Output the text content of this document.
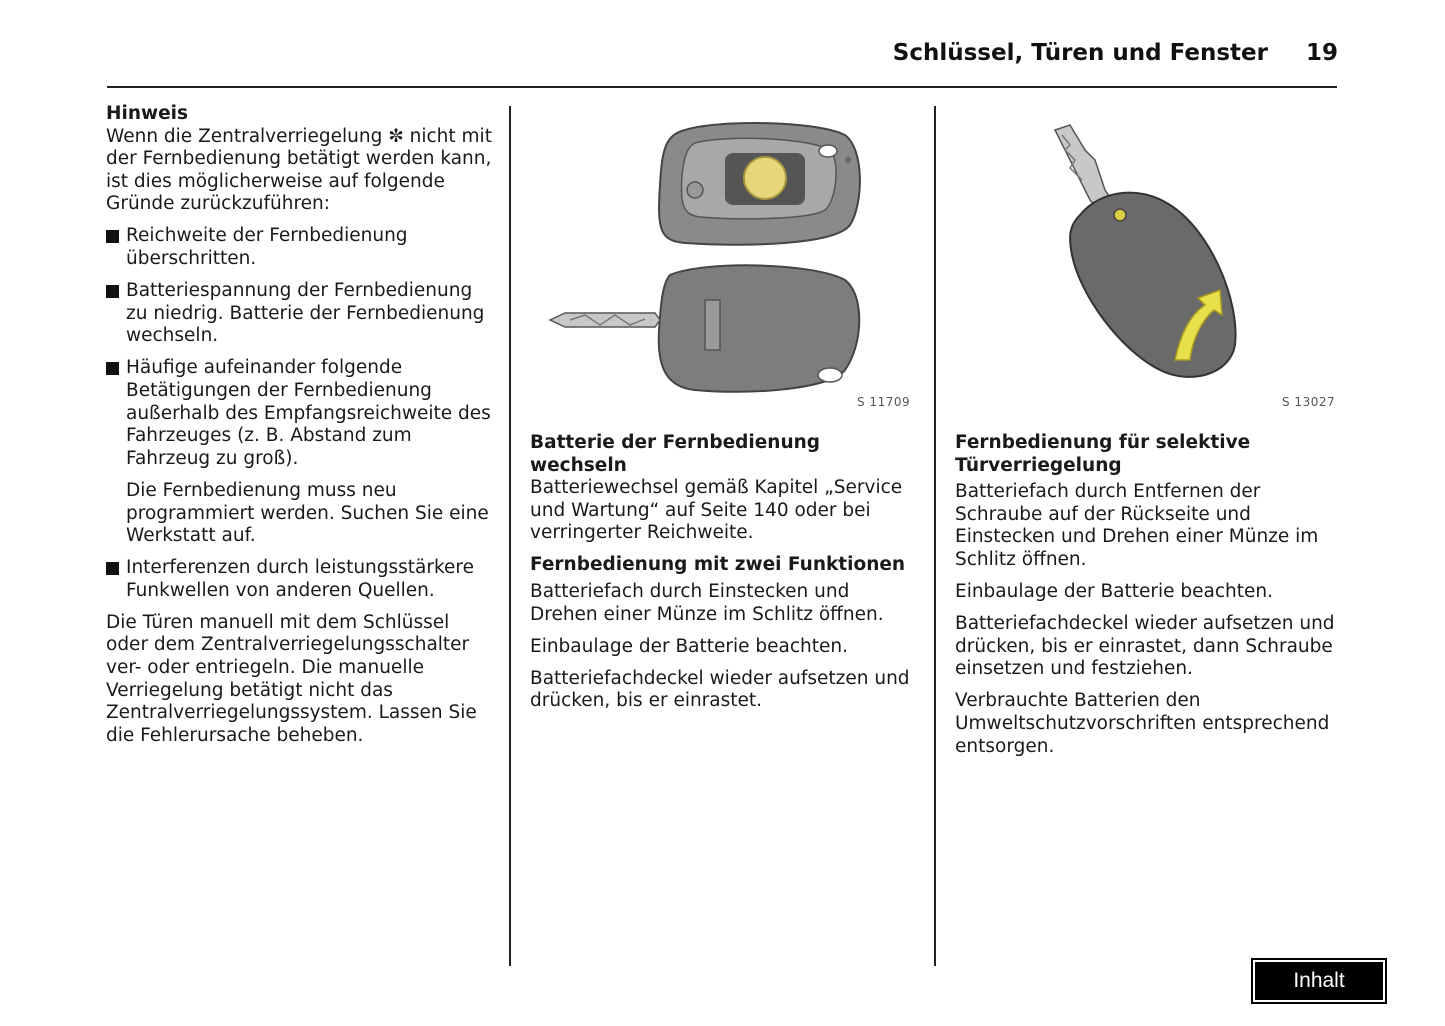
Schlüssel, Türen und Fenster 19

Hinweis

Wenn die Zentralverriegelung ✼ nicht mit der Fernbedienung betätigt werden kann, ist dies möglicherweise auf folgende Gründe zurückzuführen:

Reichweite der Fernbedienung überschritten.
Batteriespannung der Fernbedienung zu niedrig. Batterie der Fernbedienung wechseln.
Häufige aufeinander folgende Betätigungen der Fernbedienung außerhalb des Empfangsreichweite des Fahrzeuges (z. B. Abstand zum Fahrzeug zu groß).

Die Fernbedienung muss neu programmiert werden. Suchen Sie eine Werkstatt auf.

Interferenzen durch leistungsstärkere Funkwellen von anderen Quellen.

Die Türen manuell mit dem Schlüssel oder dem Zentralverriegelungsschalter ver- oder entriegeln. Die manuelle Verriegelung betätigt nicht das Zentralverriegelungssystem. Lassen Sie die Fehlerursache beheben.

S 11709

Batterie der Fernbedienung wechseln

Batteriewechsel gemäß Kapitel „Service und Wartung“ auf Seite 140 oder bei verringerter Reichweite.

Fernbedienung mit zwei Funktionen

Batteriefach durch Einstecken und Drehen einer Münze im Schlitz öffnen.

Einbaulage der Batterie beachten.

Batteriefachdeckel wieder aufsetzen und drücken, bis er einrastet.

S 13027

Fernbedienung für selektive Türverriegelung

Batteriefach durch Entfernen der Schraube auf der Rückseite und Einstecken und Drehen einer Münze im Schlitz öffnen.

Einbaulage der Batterie beachten.

Batteriefachdeckel wieder aufsetzen und drücken, bis er einrastet, dann Schraube einsetzen und festziehen.

Verbrauchte Batterien den Umweltschutzvorschriften entsprechend entsorgen.

Inhalt
